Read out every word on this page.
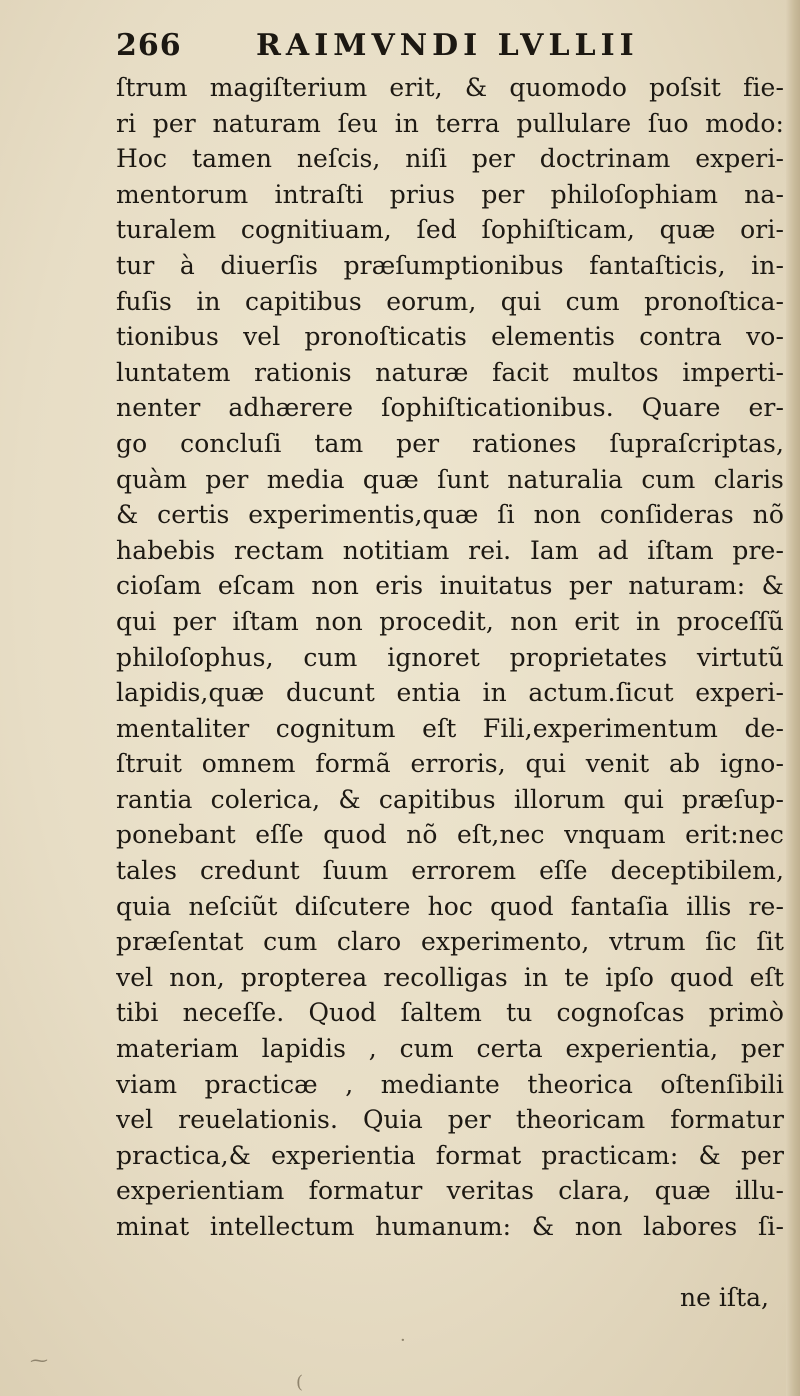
266 RAIMVNDI LVLLII
ſtrum magiſterium erit, & quomodo poſsit fie-
ri per naturam ſeu in terra pullulare ſuo modo:
Hoc tamen neſcis, niſi per doctrinam experi-
mentorum intraſti prius per philoſophiam na-
turalem cognitiuam, ſed ſophiſticam, quæ ori-
tur à diuerſis præſumptionibus fantaſticis, in-
fuſis in capitibus eorum, qui cum pronoſtica-
tionibus vel pronoſticatis elementis contra vo-
luntatem rationis naturæ facit multos imperti-
nenter adhærere ſophiſticationibus. Quare er-
go concluſi tam per rationes ſupraſcriptas,
quàm per media quæ ſunt naturalia cum claris
& certis experimentis,quæ ſi non conſideras nõ
habebis rectam notitiam rei. Iam ad iſtam pre-
cioſam eſcam non eris inuitatus per naturam: &
qui per iſtam non procedit, non erit in proceſſũ
philoſophus, cum ignoret proprietates virtutũ
lapidis,quæ ducunt entia in actum.ſicut experi-
mentaliter cognitum eſt Fili,experimentum de-
ſtruit omnem formã erroris, qui venit ab igno-
rantia colerica, & capitibus illorum qui præſup-
ponebant eſſe quod nõ eſt,nec vnquam erit:nec
tales credunt ſuum errorem eſſe deceptibilem,
quia neſciũt diſcutere hoc quod fantaſia illis re-
præſentat cum claro experimento, vtrum ſic ſit
vel non, propterea recolligas in te ipſo quod eſt
tibi neceſſe. Quod ſaltem tu cognoſcas primò
materiam lapidis , cum certa experientia, per
viam practicæ , mediante theorica oſtenſibili
vel reuelationis. Quia per theoricam formatur
practica,& experientia format practicam: & per
experientiam formatur veritas clara, quæ illu-
minat intellectum humanum: & non labores ſi-
ne iſta,
⁓
(
·
